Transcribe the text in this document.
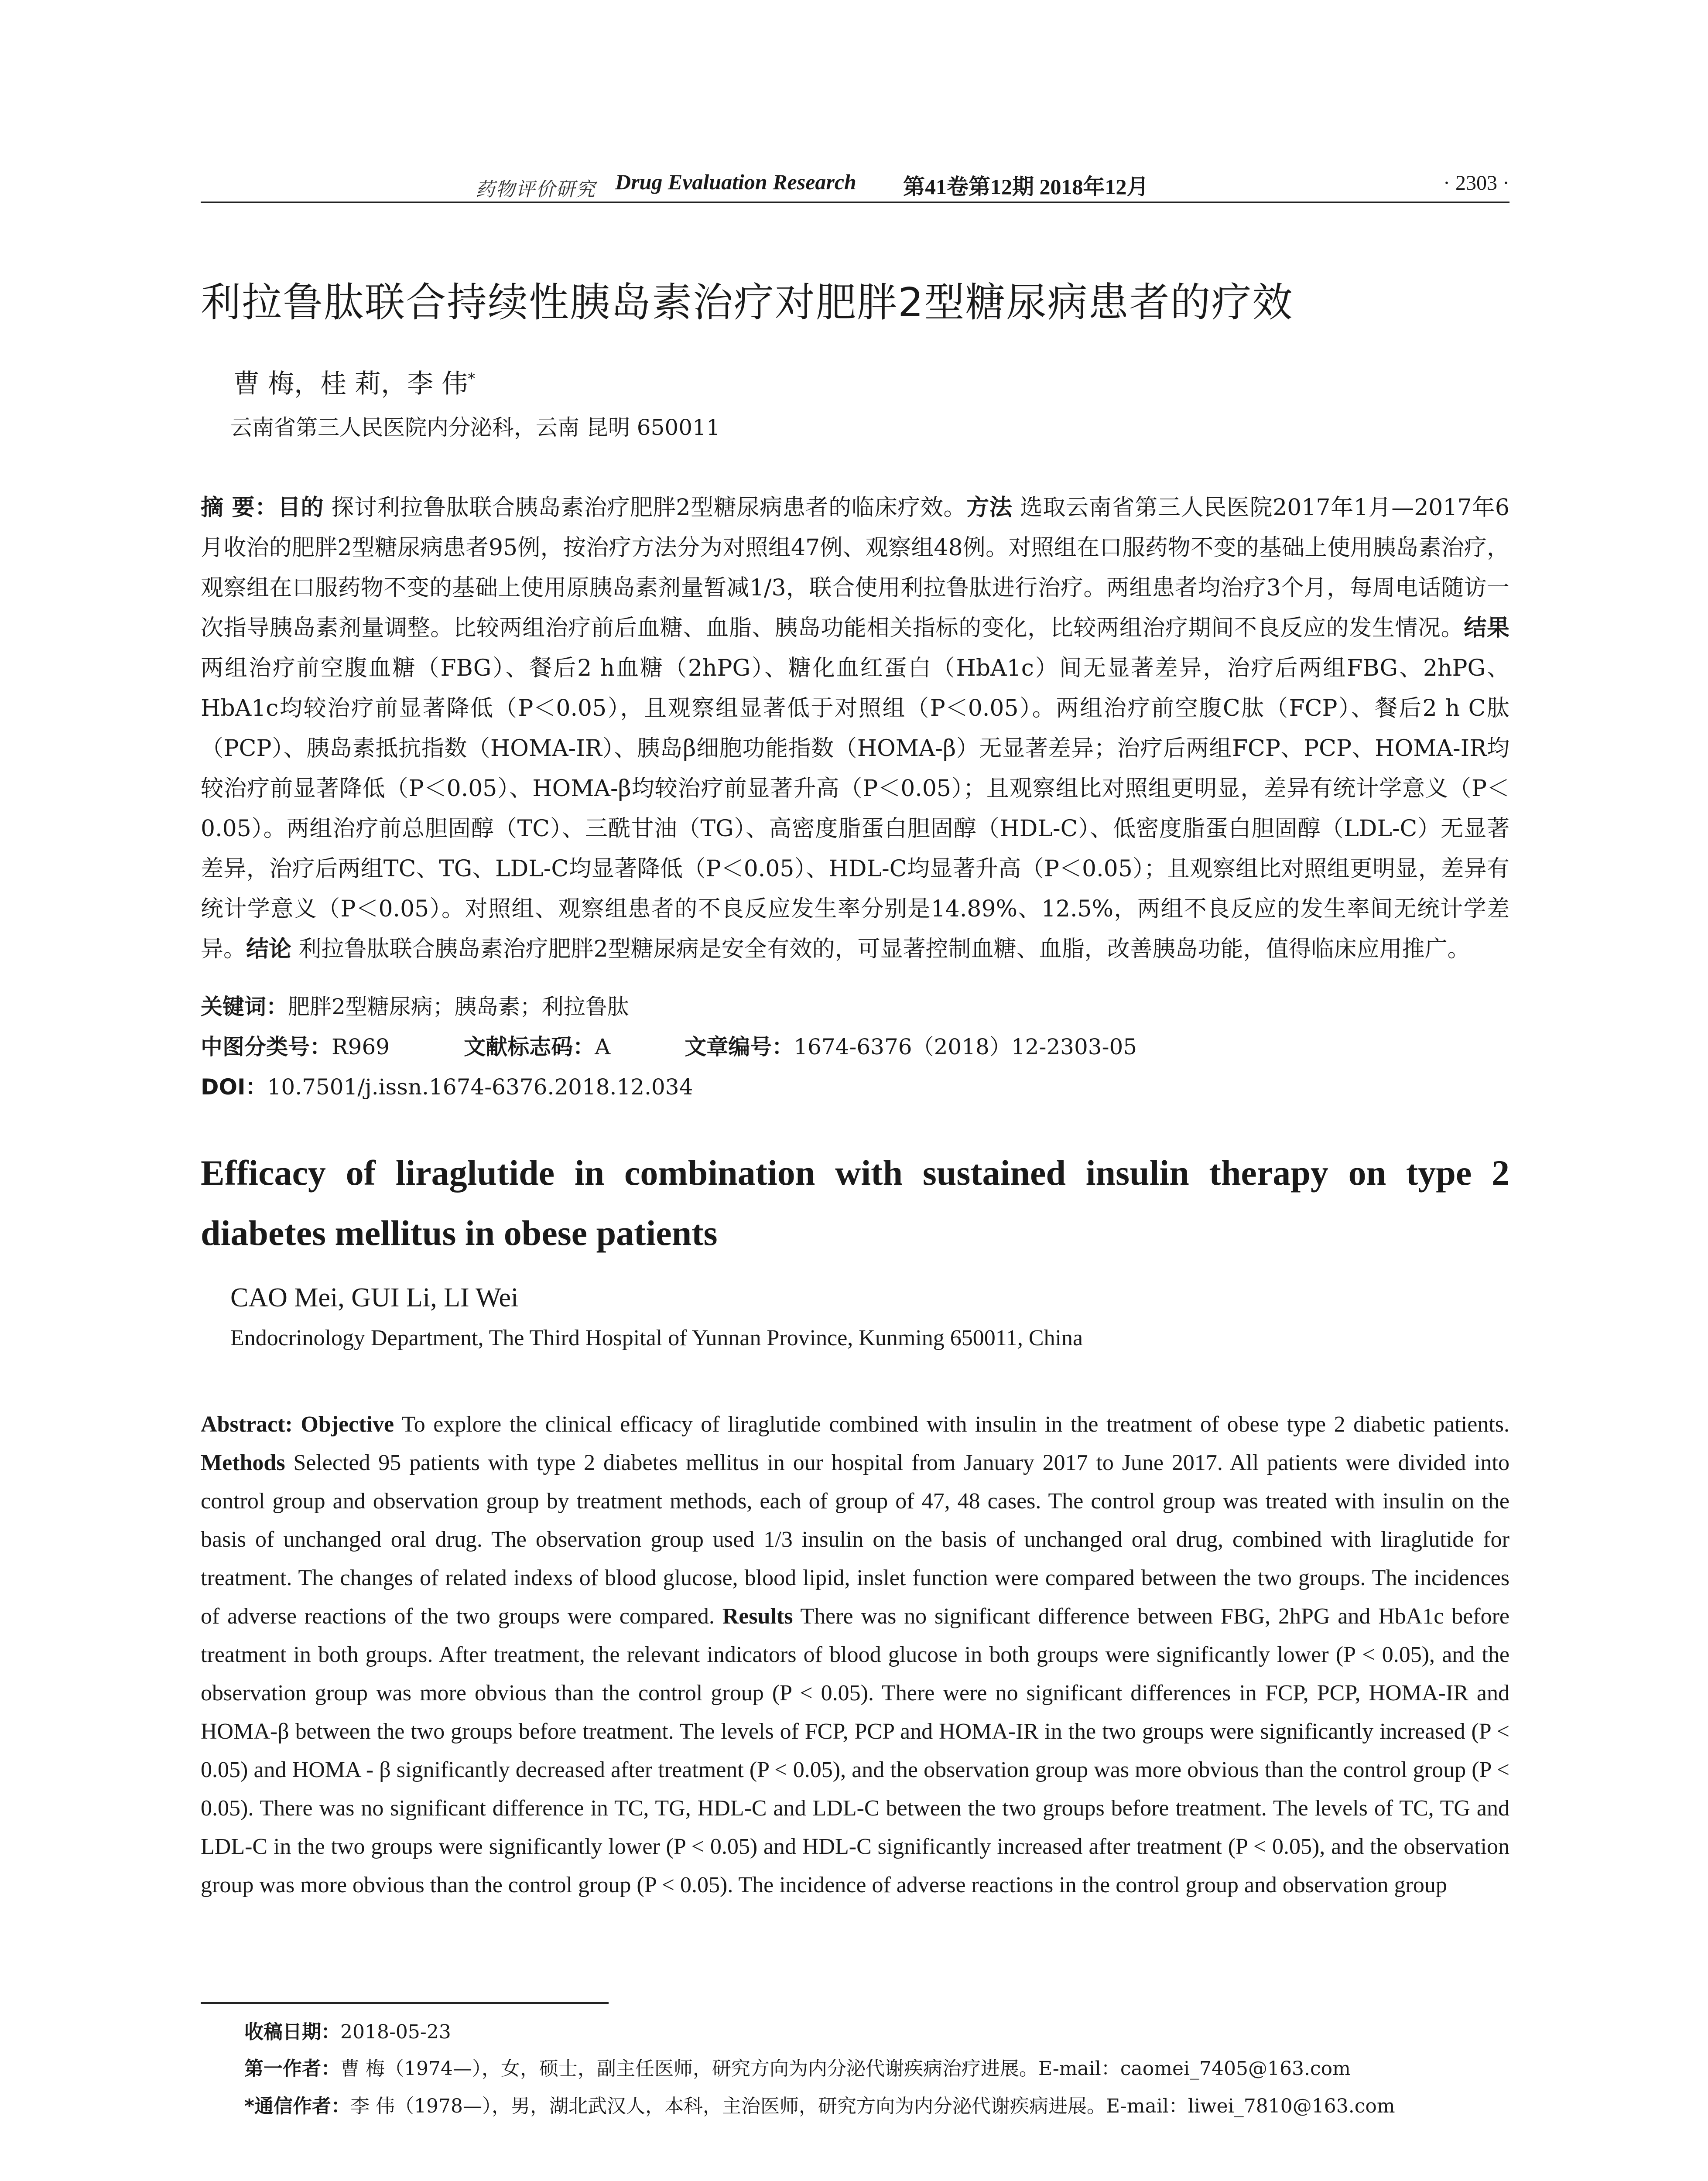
药物评价研究 Drug Evaluation Research 第41卷第12期 2018年12月	· 2303 ·
利拉鲁肽联合持续性胰岛素治疗对肥胖2型糖尿病患者的疗效
曹 梅，桂 莉，李 伟*
云南省第三人民医院内分泌科，云南 昆明 650011
摘 要：目的 探讨利拉鲁肽联合胰岛素治疗肥胖2型糖尿病患者的临床疗效。方法 选取云南省第三人民医院2017年1月—2017年6月收治的肥胖2型糖尿病患者95例，按治疗方法分为对照组47例、观察组48例。对照组在口服药物不变的基础上使用胰岛素治疗，观察组在口服药物不变的基础上使用原胰岛素剂量暂减1/3，联合使用利拉鲁肽进行治疗。两组患者均治疗3个月，每周电话随访一次指导胰岛素剂量调整。比较两组治疗前后血糖、血脂、胰岛功能相关指标的变化，比较两组治疗期间不良反应的发生情况。结果 两组治疗前空腹血糖（FBG）、餐后2 h血糖（2hPG）、糖化血红蛋白（HbA1c）间无显著差异，治疗后两组FBG、2hPG、HbA1c均较治疗前显著降低（P＜0.05），且观察组显著低于对照组（P＜0.05）。两组治疗前空腹C肽（FCP）、餐后2 h C肽（PCP）、胰岛素抵抗指数（HOMA-IR）、胰岛β细胞功能指数（HOMA-β）无显著差异；治疗后两组FCP、PCP、HOMA-IR均较治疗前显著降低（P＜0.05）、HOMA-β均较治疗前显著升高（P＜0.05）；且观察组比对照组更明显，差异有统计学意义（P＜0.05）。两组治疗前总胆固醇（TC）、三酰甘油（TG）、高密度脂蛋白胆固醇（HDL-C）、低密度脂蛋白胆固醇（LDL-C）无显著差异，治疗后两组TC、TG、LDL-C均显著降低（P＜0.05）、HDL-C均显著升高（P＜0.05）；且观察组比对照组更明显，差异有统计学意义（P＜0.05）。对照组、观察组患者的不良反应发生率分别是14.89%、12.5%，两组不良反应的发生率间无统计学差异。结论 利拉鲁肽联合胰岛素治疗肥胖2型糖尿病是安全有效的，可显著控制血糖、血脂，改善胰岛功能，值得临床应用推广。
关键词：肥胖2型糖尿病；胰岛素；利拉鲁肽
中图分类号：R969	文献标志码：A	文章编号：1674-6376（2018）12-2303-05
DOI：10.7501/j.issn.1674-6376.2018.12.034
Efficacy of liraglutide in combination with sustained insulin therapy on type 2 diabetes mellitus in obese patients
CAO Mei, GUI Li, LI Wei
Endocrinology Department, The Third Hospital of Yunnan Province, Kunming 650011, China
Abstract: Objective To explore the clinical efficacy of liraglutide combined with insulin in the treatment of obese type 2 diabetic patients. Methods Selected 95 patients with type 2 diabetes mellitus in our hospital from January 2017 to June 2017. All patients were divided into control group and observation group by treatment methods, each of group of 47, 48 cases. The control group was treated with insulin on the basis of unchanged oral drug. The observation group used 1/3 insulin on the basis of unchanged oral drug, combined with liraglutide for treatment. The changes of related indexs of blood glucose, blood lipid, inslet function were compared between the two groups. The incidences of adverse reactions of the two groups were compared. Results There was no significant difference between FBG, 2hPG and HbA1c before treatment in both groups. After treatment, the relevant indicators of blood glucose in both groups were significantly lower (P < 0.05), and the observation group was more obvious than the control group (P < 0.05). There were no significant differences in FCP, PCP, HOMA-IR and HOMA-β between the two groups before treatment. The levels of FCP, PCP and HOMA-IR in the two groups were significantly increased (P < 0.05) and HOMA - β significantly decreased after treatment (P < 0.05), and the observation group was more obvious than the control group (P < 0.05). There was no significant difference in TC, TG, HDL-C and LDL-C between the two groups before treatment. The levels of TC, TG and LDL-C in the two groups were significantly lower (P < 0.05) and HDL-C significantly increased after treatment (P < 0.05), and the observation group was more obvious than the control group (P < 0.05). The incidence of adverse reactions in the control group and observation group
收稿日期：2018-05-23
第一作者：曹 梅（1974—），女，硕士，副主任医师，研究方向为内分泌代谢疾病治疗进展。E-mail：caomei_7405@163.com
*通信作者：李 伟（1978—），男，湖北武汉人，本科，主治医师，研究方向为内分泌代谢疾病进展。E-mail：liwei_7810@163.com
